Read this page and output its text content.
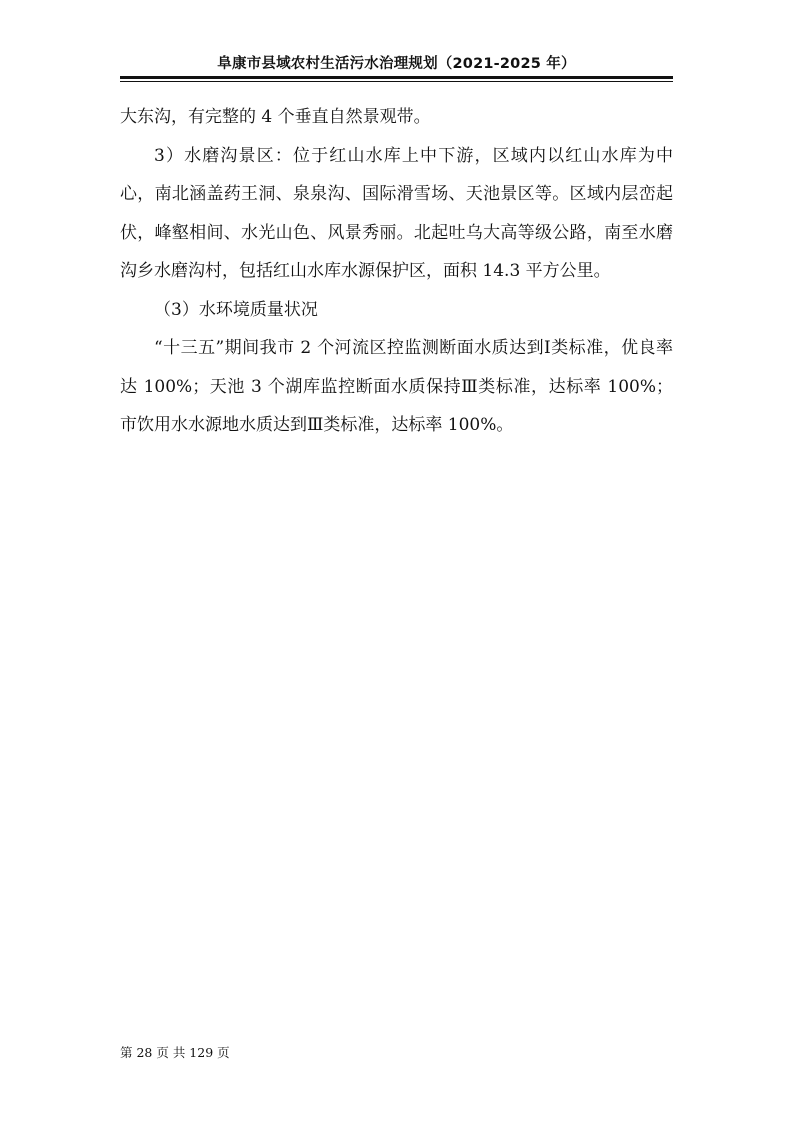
阜康市县域农村生活污水治理规划（2021-2025 年）

大东沟，有完整的 4 个垂直自然景观带。

3）水磨沟景区：位于红山水库上中下游，区域内以红山水库为中心，南北涵盖药王洞、泉泉沟、国际滑雪场、天池景区等。区域内层峦起伏，峰壑相间、水光山色、风景秀丽。北起吐乌大高等级公路，南至水磨沟乡水磨沟村，包括红山水库水源保护区，面积 14.3 平方公里。

（3）水环境质量状况

“十三五”期间我市 2 个河流区控监测断面水质达到Ⅰ类标准，优良率达 100%；天池 3 个湖库监控断面水质保持Ⅲ类标准，达标率 100%；市饮用水水源地水质达到Ⅲ类标准，达标率 100%。

第 28 页 共 129 页
